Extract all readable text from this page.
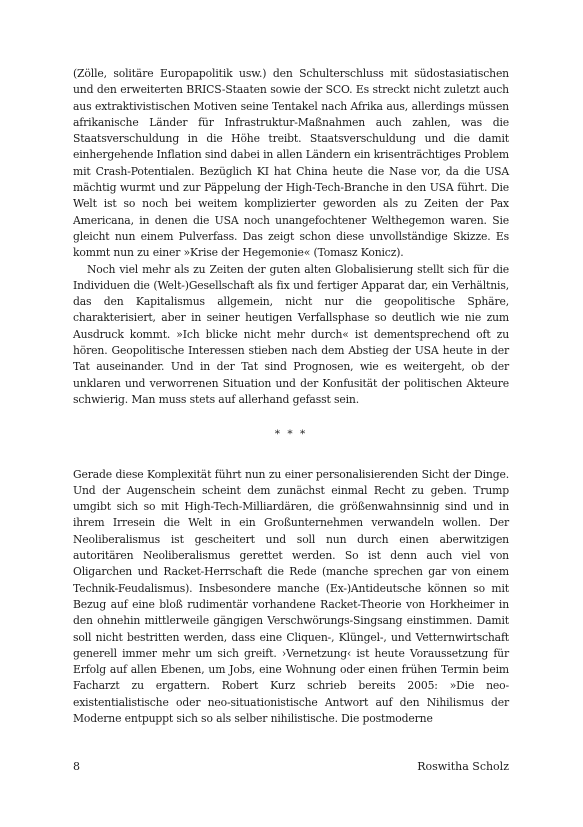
(Zölle, solitäre Europapolitik usw.) den Schulterschluss mit südostasiatischen und den erweiterten BRICS-Staaten sowie der SCO. Es streckt nicht zuletzt auch aus extraktivistischen Motiven seine Tentakel nach Afrika aus, allerdings müssen afrikanische Länder für Infrastruktur-Maßnahmen auch zahlen, was die Staatsverschuldung in die Höhe treibt. Staatsverschuldung und die damit einhergehende Inflation sind dabei in allen Ländern ein krisenträchtiges Problem mit Crash-Potentialen. Bezüglich KI hat China heute die Nase vor, da die USA mächtig wurmt und zur Päppelung der High-Tech-Branche in den USA führt. Die Welt ist so noch bei weitem komplizierter geworden als zu Zeiten der Pax Americana, in denen die USA noch unangefochtener Welthegemon waren. Sie gleicht nun einem Pulverfass. Das zeigt schon diese unvollständige Skizze. Es kommt nun zu einer »Krise der Hegemonie« (Tomasz Konicz).

Noch viel mehr als zu Zeiten der guten alten Globalisierung stellt sich für die Individuen die (Welt-)Gesellschaft als fix und fertiger Apparat dar, ein Verhältnis, das den Kapitalismus allgemein, nicht nur die geopolitische Sphäre, charakterisiert, aber in seiner heutigen Verfallsphase so deutlich wie nie zum Ausdruck kommt. »Ich blicke nicht mehr durch« ist dementsprechend oft zu hören. Geopolitische Interessen stieben nach dem Abstieg der USA heute in der Tat auseinander. Und in der Tat sind Prognosen, wie es weitergeht, ob der unklaren und verworrenen Situation und der Konfusität der politischen Akteure schwierig. Man muss stets auf allerhand gefasst sein.

* * *

Gerade diese Komplexität führt nun zu einer personalisierenden Sicht der Dinge. Und der Augenschein scheint dem zunächst einmal Recht zu geben. Trump umgibt sich so mit High-Tech-Milliardären, die größenwahnsinnig sind und in ihrem Irresein die Welt in ein Großunternehmen verwandeln wollen. Der Neoliberalismus ist gescheitert und soll nun durch einen aberwitzigen autoritären Neoliberalismus gerettet werden. So ist denn auch viel von Oligarchen und Racket-Herrschaft die Rede (manche sprechen gar von einem Technik-Feudalismus). Insbesondere manche (Ex-)Antideutsche können so mit Bezug auf eine bloß rudimentär vorhandene Racket-Theorie von Horkheimer in den ohnehin mittlerweile gängigen Verschwörungs-Singsang einstimmen. Damit soll nicht bestritten werden, dass eine Cliquen-, Klüngel-, und Vetternwirtschaft generell immer mehr um sich greift. ›Vernetzung‹ ist heute Voraussetzung für Erfolg auf allen Ebenen, um Jobs, eine Wohnung oder einen frühen Termin beim Facharzt zu ergattern. Robert Kurz schrieb bereits 2005: »Die neo-existentialistische oder neo-situationistische Antwort auf den Nihilismus der Moderne entpuppt sich so als selber nihilistische. Die postmoderne

8	Roswitha Scholz
